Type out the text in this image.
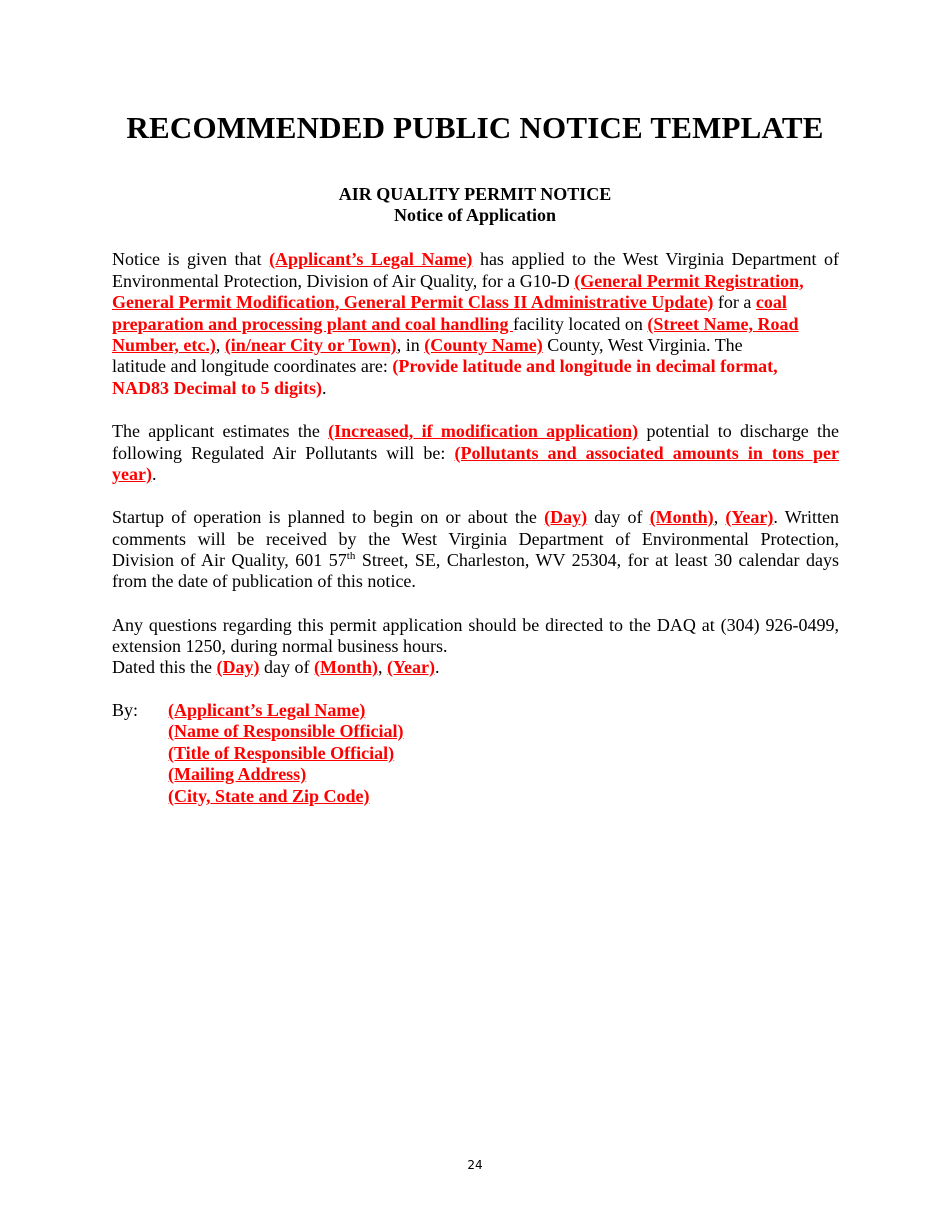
RECOMMENDED PUBLIC NOTICE TEMPLATE
AIR QUALITY PERMIT NOTICE
Notice of Application
Notice is given that (Applicant’s Legal Name) has applied to the West Virginia Department of
Environmental Protection, Division of Air Quality, for a G10-D (General Permit Registration,
General Permit Modification, General Permit Class II Administrative Update) for a coal
preparation and processing plant and coal handling facility located on (Street Name, Road
Number, etc.), (in/near City or Town), in (County Name) County, West Virginia. The
latitude and longitude coordinates are: (Provide latitude and longitude in decimal format,
NAD83 Decimal to 5 digits).
The applicant estimates the (Increased, if modification application) potential to discharge the
following Regulated Air Pollutants will be: (Pollutants and associated amounts in tons per
year).
Startup of operation is planned to begin on or about the (Day) day of (Month), (Year). Written
comments will be received by the West Virginia Department of Environmental Protection,
Division of Air Quality, 601 57th Street, SE, Charleston, WV 25304, for at least 30 calendar days
from the date of publication of this notice.
Any questions regarding this permit application should be directed to the DAQ at (304) 926-0499,
extension 1250, during normal business hours.
Dated this the (Day) day of (Month), (Year).
By: (Applicant’s Legal Name)
(Name of Responsible Official)
(Title of Responsible Official)
(Mailing Address)
(City, State and Zip Code)
24
